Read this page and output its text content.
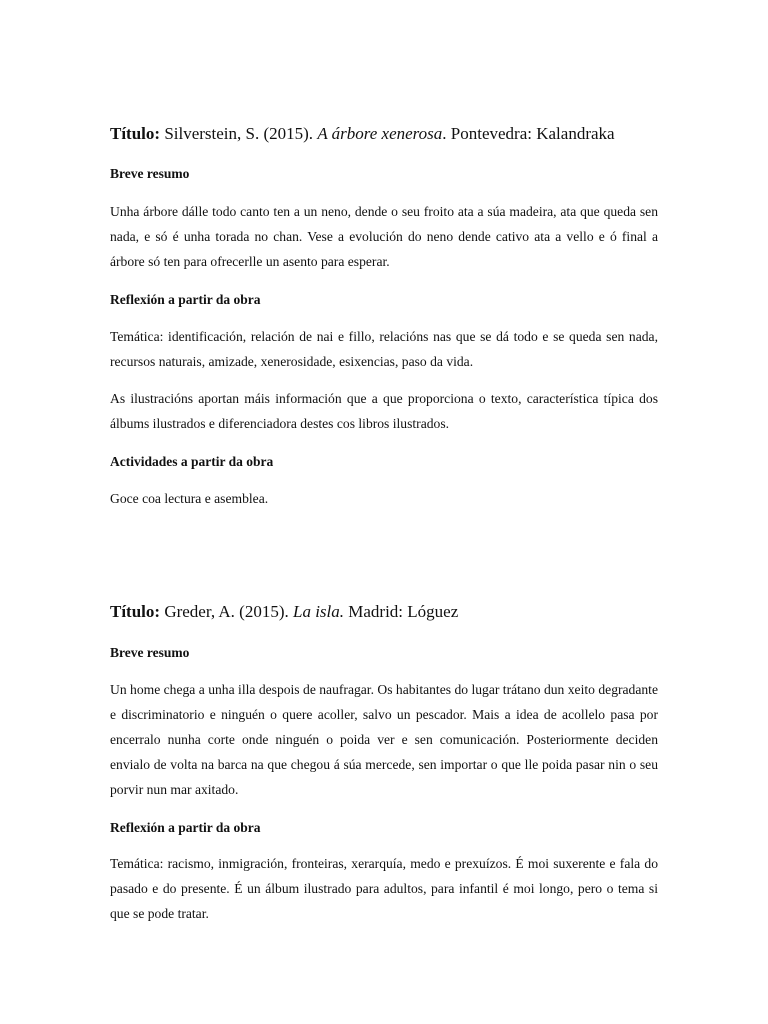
Título: Silverstein, S. (2015). A árbore xenerosa. Pontevedra: Kalandraka
Breve resumo
Unha árbore dálle todo canto ten a un neno, dende o seu froito ata a súa madeira, ata que queda sen nada, e só é unha torada no chan. Vese a evolución do neno dende cativo ata a vello e ó final a árbore só ten para ofrecerlle un asento para esperar.
Reflexión a partir da obra
Temática: identificación, relación de nai e fillo, relacións nas que se dá todo e se queda sen nada, recursos naturais, amizade, xenerosidade, esixencias, paso da vida.
As ilustracións aportan máis información que a que proporciona o texto, característica típica dos álbums ilustrados e diferenciadora destes cos libros ilustrados.
Actividades a partir da obra
Goce coa lectura e asemblea.
Título: Greder, A. (2015). La isla. Madrid: Lóguez
Breve resumo
Un home chega a unha illa despois de naufragar. Os habitantes do lugar trátano dun xeito degradante e discriminatorio e ninguén o quere acoller, salvo un pescador. Mais a idea de acollelo pasa por encerralo nunha corte onde ninguén o poida ver e sen comunicación. Posteriormente deciden envialo de volta na barca na que chegou á súa mercede, sen importar o que lle poida pasar nin o seu porvir nun mar axitado.
Reflexión a partir da obra
Temática: racismo, inmigración, fronteiras, xerarquía, medo e prexuízos. É moi suxerente e fala do pasado e do presente. É un álbum ilustrado para adultos, para infantil é moi longo, pero o tema si que se pode tratar.
